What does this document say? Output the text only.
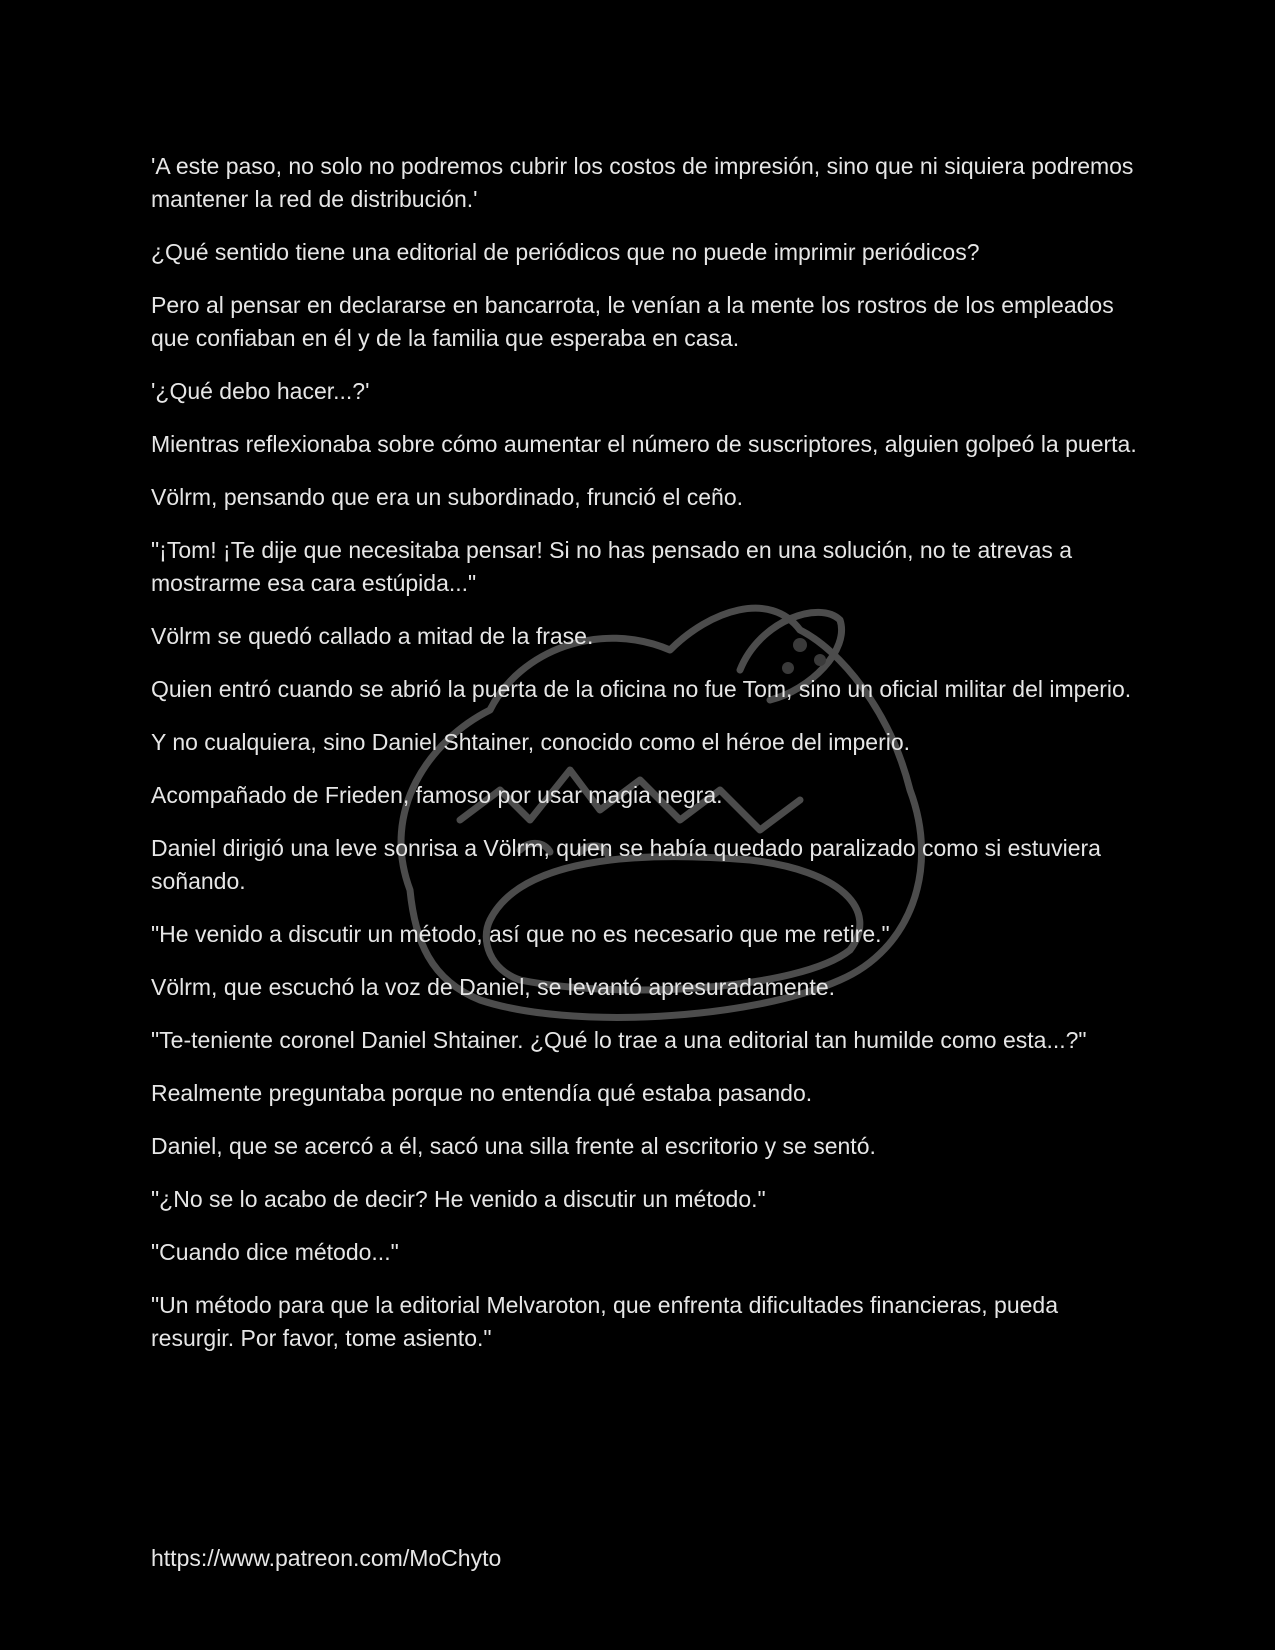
'A este paso, no solo no podremos cubrir los costos de impresión, sino que ni siquiera podremos mantener la red de distribución.'

¿Qué sentido tiene una editorial de periódicos que no puede imprimir periódicos?

Pero al pensar en declararse en bancarrota, le venían a la mente los rostros de los empleados que confiaban en él y de la familia que esperaba en casa.

'¿Qué debo hacer...?'

Mientras reflexionaba sobre cómo aumentar el número de suscriptores, alguien golpeó la puerta.

Völrm, pensando que era un subordinado, frunció el ceño.

"¡Tom! ¡Te dije que necesitaba pensar! Si no has pensado en una solución, no te atrevas a mostrarme esa cara estúpida..."

Völrm se quedó callado a mitad de la frase.

Quien entró cuando se abrió la puerta de la oficina no fue Tom, sino un oficial militar del imperio.

Y no cualquiera, sino Daniel Shtainer, conocido como el héroe del imperio.

Acompañado de Frieden, famoso por usar magia negra.

Daniel dirigió una leve sonrisa a Völrm, quien se había quedado paralizado como si estuviera soñando.

"He venido a discutir un método, así que no es necesario que me retire."

Völrm, que escuchó la voz de Daniel, se levantó apresuradamente.

"Te-teniente coronel Daniel Shtainer. ¿Qué lo trae a una editorial tan humilde como esta...?"

Realmente preguntaba porque no entendía qué estaba pasando.

Daniel, que se acercó a él, sacó una silla frente al escritorio y se sentó.

"¿No se lo acabo de decir? He venido a discutir un método."

"Cuando dice método..."

"Un método para que la editorial Melvaroton, que enfrenta dificultades financieras, pueda resurgir. Por favor, tome asiento."

https://www.patreon.com/MoChyto
